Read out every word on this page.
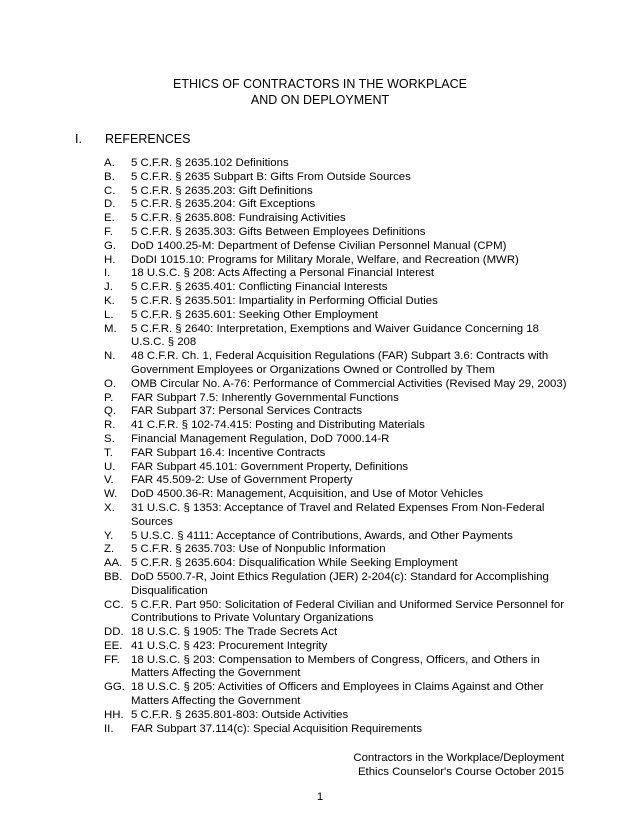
ETHICS OF CONTRACTORS IN THE WORKPLACE
AND ON DEPLOYMENT
I. REFERENCES
A.	5 C.F.R. § 2635.102 Definitions
B.	5 C.F.R. § 2635 Subpart B: Gifts From Outside Sources
C.	5 C.F.R. § 2635.203: Gift Definitions
D.	5 C.F.R. § 2635.204: Gift Exceptions
E.	5 C.F.R. § 2635.808: Fundraising Activities
F.	5 C.F.R. § 2635.303: Gifts Between Employees Definitions
G.	DoD 1400.25-M: Department of Defense Civilian Personnel Manual (CPM)
H.	DoDI 1015.10: Programs for Military Morale, Welfare, and Recreation (MWR)
I.	18 U.S.C. § 208: Acts Affecting a Personal Financial Interest
J.	5 C.F.R. § 2635.401: Conflicting Financial Interests
K.	5 C.F.R. § 2635.501: Impartiality in Performing Official Duties
L.	5 C.F.R. § 2635.601: Seeking Other Employment
M.	5 C.F.R. § 2640: Interpretation, Exemptions and Waiver Guidance Concerning 18 U.S.C. § 208
N.	48 C.F.R. Ch. 1, Federal Acquisition Regulations (FAR) Subpart 3.6: Contracts with Government Employees or Organizations Owned or Controlled by Them
O.	OMB Circular No. A-76: Performance of Commercial Activities (Revised May 29, 2003)
P.	FAR Subpart 7.5: Inherently Governmental Functions
Q.	FAR Subpart 37: Personal Services Contracts
R.	41 C.F.R. § 102-74.415: Posting and Distributing Materials
S.	Financial Management Regulation, DoD 7000.14-R
T.	FAR Subpart 16.4: Incentive Contracts
U.	FAR Subpart 45.101: Government Property, Definitions
V.	FAR 45.509-2: Use of Government Property
W.	DoD 4500.36-R: Management, Acquisition, and Use of Motor Vehicles
X.	31 U.S.C. § 1353: Acceptance of Travel and Related Expenses From Non-Federal Sources
Y.	5 U.S.C. § 4111: Acceptance of Contributions, Awards, and Other Payments
Z.	5 C.F.R. § 2635.703: Use of Nonpublic Information
AA. 5 C.F.R. § 2635.604: Disqualification While Seeking Employment
BB. DoD 5500.7-R, Joint Ethics Regulation (JER) 2-204(c): Standard for Accomplishing Disqualification
CC. 5 C.F.R. Part 950: Solicitation of Federal Civilian and Uniformed Service Personnel for Contributions to Private Voluntary Organizations
DD. 18 U.S.C. § 1905: The Trade Secrets Act
EE. 41 U.S.C. § 423: Procurement Integrity
FF. 18 U.S.C. § 203: Compensation to Members of Congress, Officers, and Others in Matters Affecting the Government
GG. 18 U.S.C. § 205: Activities of Officers and Employees in Claims Against and Other Matters Affecting the Government
HH. 5 C.F.R. § 2635.801-803: Outside Activities
II.	FAR Subpart 37.114(c): Special Acquisition Requirements
Contractors in the Workplace/Deployment
Ethics Counselor's Course October 2015
1
